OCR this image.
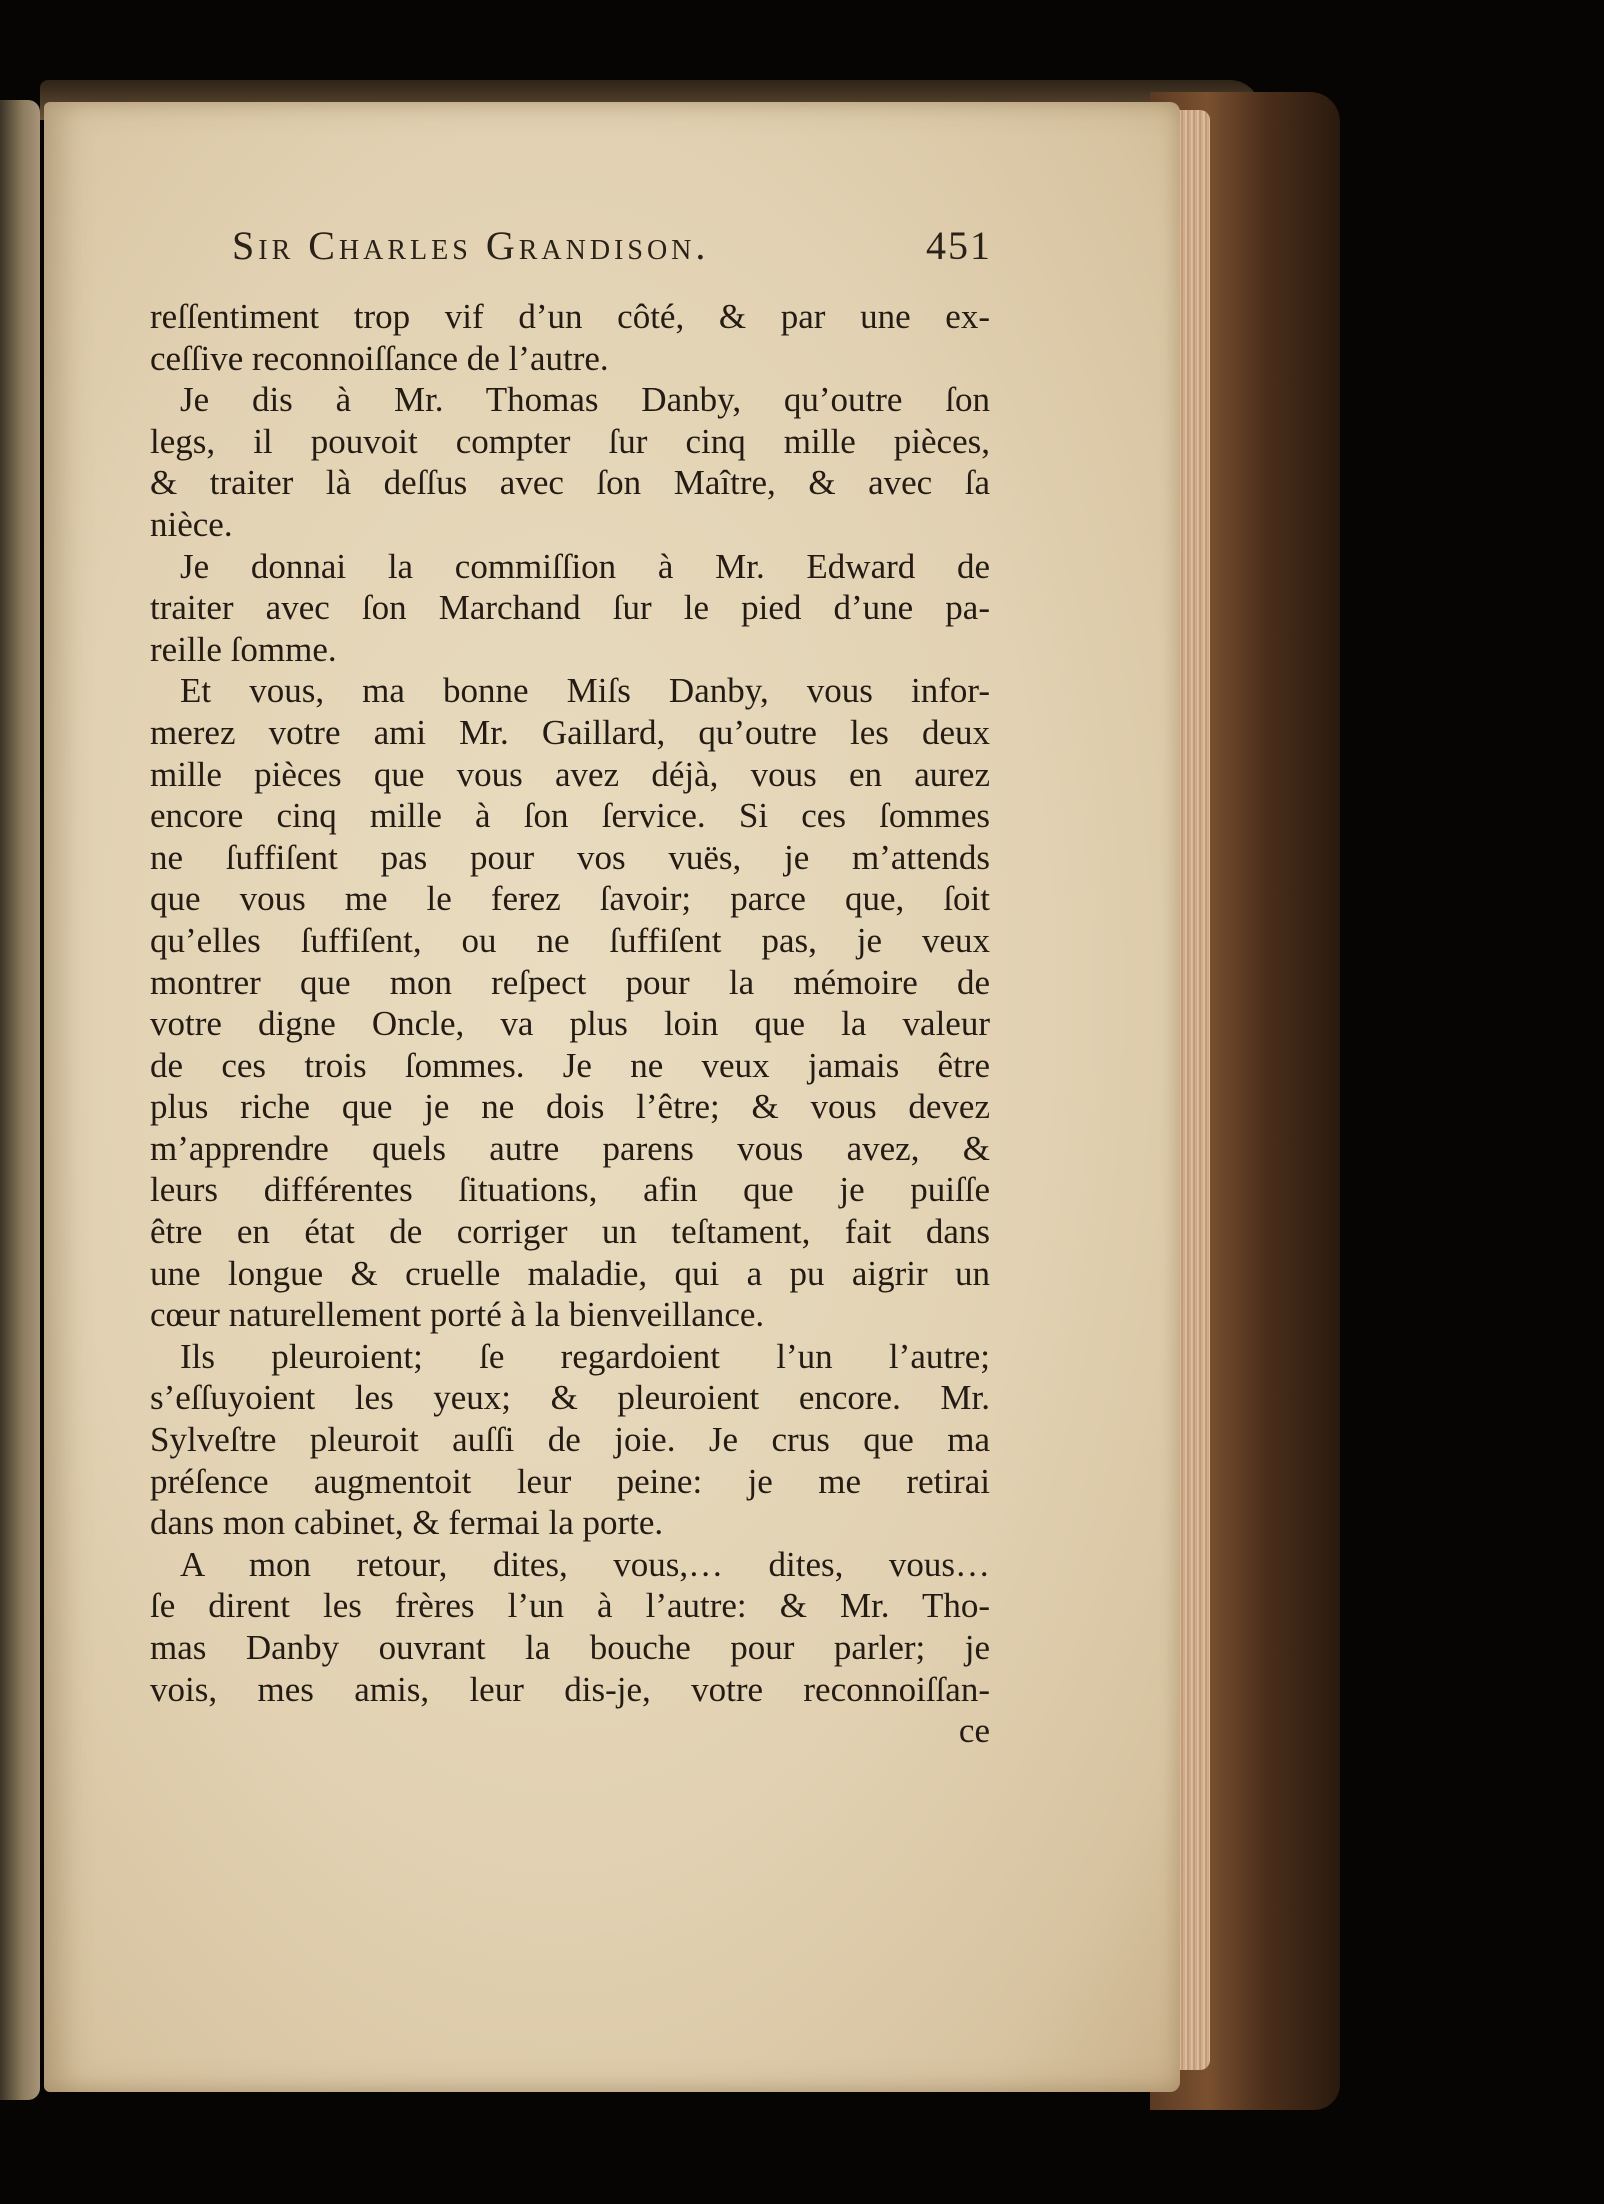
Sir Charles Grandison.	451
reſſentiment trop vif d’un côté, & par une ex-
ceſſive reconnoiſſance de l’autre.
Je dis à Mr. Thomas Danby, qu’outre ſon
legs, il pouvoit compter ſur cinq mille pièces,
& traiter là deſſus avec ſon Maître, & avec ſa
nièce.
Je donnai la commiſſion à Mr. Edward de
traiter avec ſon Marchand ſur le pied d’une pa-
reille ſomme.
Et vous, ma bonne Miſs Danby, vous infor-
merez votre ami Mr. Gaillard, qu’outre les deux
mille pièces que vous avez déjà, vous en aurez
encore cinq mille à ſon ſervice. Si ces ſommes
ne ſuffiſent pas pour vos vuës, je m’attends
que vous me le ferez ſavoir; parce que, ſoit
qu’elles ſuffiſent, ou ne ſuffiſent pas, je veux
montrer que mon reſpect pour la mémoire de
votre digne Oncle, va plus loin que la valeur
de ces trois ſommes. Je ne veux jamais être
plus riche que je ne dois l’être; & vous devez
m’apprendre quels autre parens vous avez, &
leurs différentes ſituations, afin que je puiſſe
être en état de corriger un teſtament, fait dans
une longue & cruelle maladie, qui a pu aigrir un
cœur naturellement porté à la bienveillance.
Ils pleuroient; ſe regardoient l’un l’autre;
s’eſſuyoient les yeux; & pleuroient encore. Mr.
Sylveſtre pleuroit auſſi de joie. Je crus que ma
préſence augmentoit leur peine: je me retirai
dans mon cabinet, & fermai la porte.
A mon retour, dites, vous,… dites, vous…
ſe dirent les frères l’un à l’autre: & Mr. Tho-
mas Danby ouvrant la bouche pour parler; je
vois, mes amis, leur dis-je, votre reconnoiſſan-
ce
